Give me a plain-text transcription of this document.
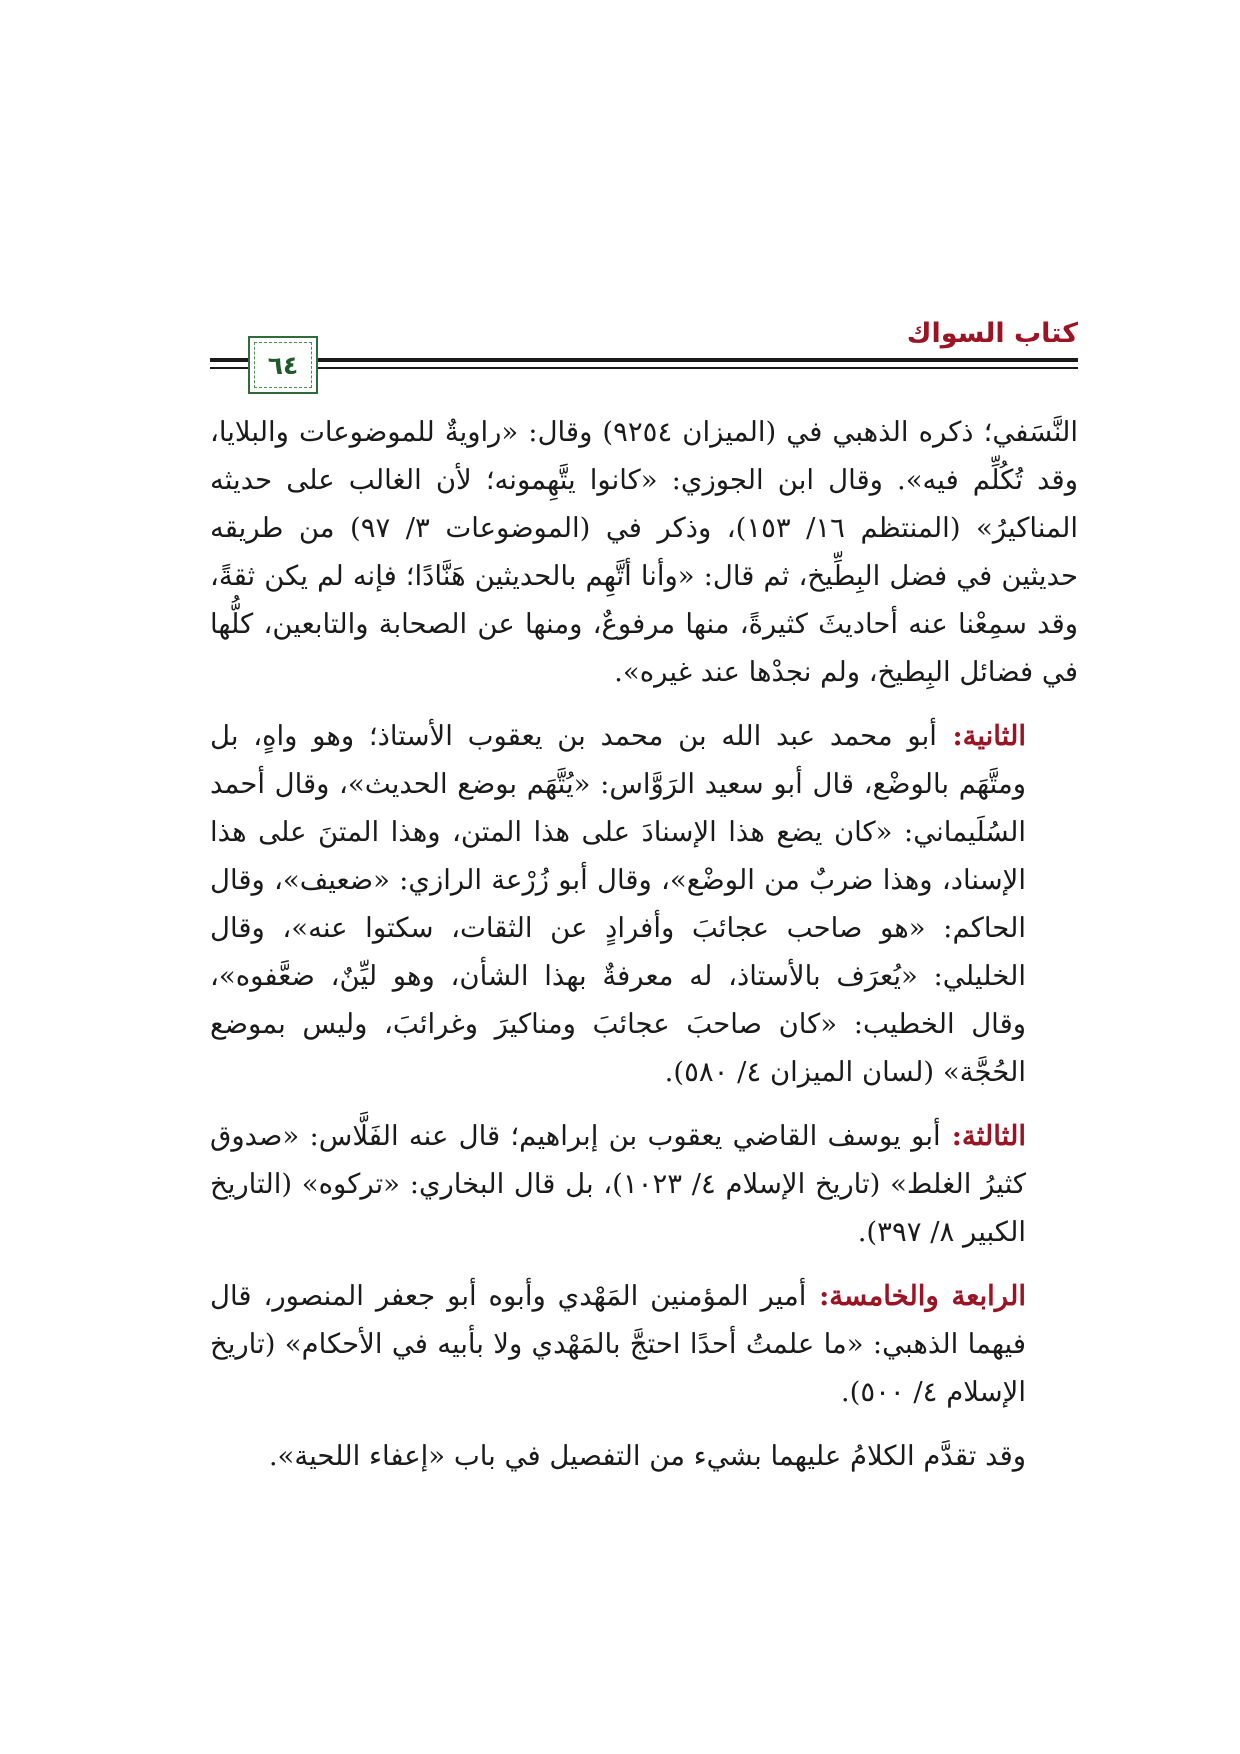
كتاب السواك
٦٤

النَّسَفي؛ ذكره الذهبي في (الميزان ٩٢٥٤) وقال: «راويةٌ للموضوعات والبلايا، وقد تُكُلِّم فيه». وقال ابن الجوزي: «كانوا يتَّهِمونه؛ لأن الغالب على حديثه المناكيرُ» (المنتظم ١٦/ ١٥٣)، وذكر في (الموضوعات ٣/ ٩٧) من طريقه حديثين في فضل البِطِّيخ، ثم قال: «وأنا أتَّهِم بالحديثين هَنَّادًا؛ فإنه لم يكن ثقةً، وقد سمِعْنا عنه أحاديثَ كثيرةً، منها مرفوعٌ، ومنها عن الصحابة والتابعين، كلُّها في فضائل البِطيخ، ولم نجدْها عند غيره».

الثانية: أبو محمد عبد الله بن محمد بن يعقوب الأستاذ؛ وهو واهٍ، بل ومتَّهَم بالوضْع، قال أبو سعيد الرَوَّاس: «يُتَّهَم بوضع الحديث»، وقال أحمد السُلَيماني: «كان يضع هذا الإسنادَ على هذا المتن، وهذا المتنَ على هذا الإسناد، وهذا ضربٌ من الوضْع»، وقال أبو زُرْعة الرازي: «ضعيف»، وقال الحاكم: «هو صاحب عجائبَ وأفرادٍ عن الثقات، سكتوا عنه»، وقال الخليلي: «يُعرَف بالأستاذ، له معرفةٌ بهذا الشأن، وهو ليِّنٌ، ضعَّفوه»، وقال الخطيب: «كان صاحبَ عجائبَ ومناكيرَ وغرائبَ، وليس بموضع الحُجَّة» (لسان الميزان ٤/ ٥٨٠).

الثالثة: أبو يوسف القاضي يعقوب بن إبراهيم؛ قال عنه الفَلَّاس: «صدوق كثيرُ الغلط» (تاريخ الإسلام ٤/ ١٠٢٣)، بل قال البخاري: «تركوه» (التاريخ الكبير ٨/ ٣٩٧).

الرابعة والخامسة: أمير المؤمنين المَهْدي وأبوه أبو جعفر المنصور، قال فيهما الذهبي: «ما علمتُ أحدًا احتجَّ بالمَهْدي ولا بأبيه في الأحكام» (تاريخ الإسلام ٤/ ٥٠٠).

وقد تقدَّم الكلامُ عليهما بشيء من التفصيل في باب «إعفاء اللحية».
